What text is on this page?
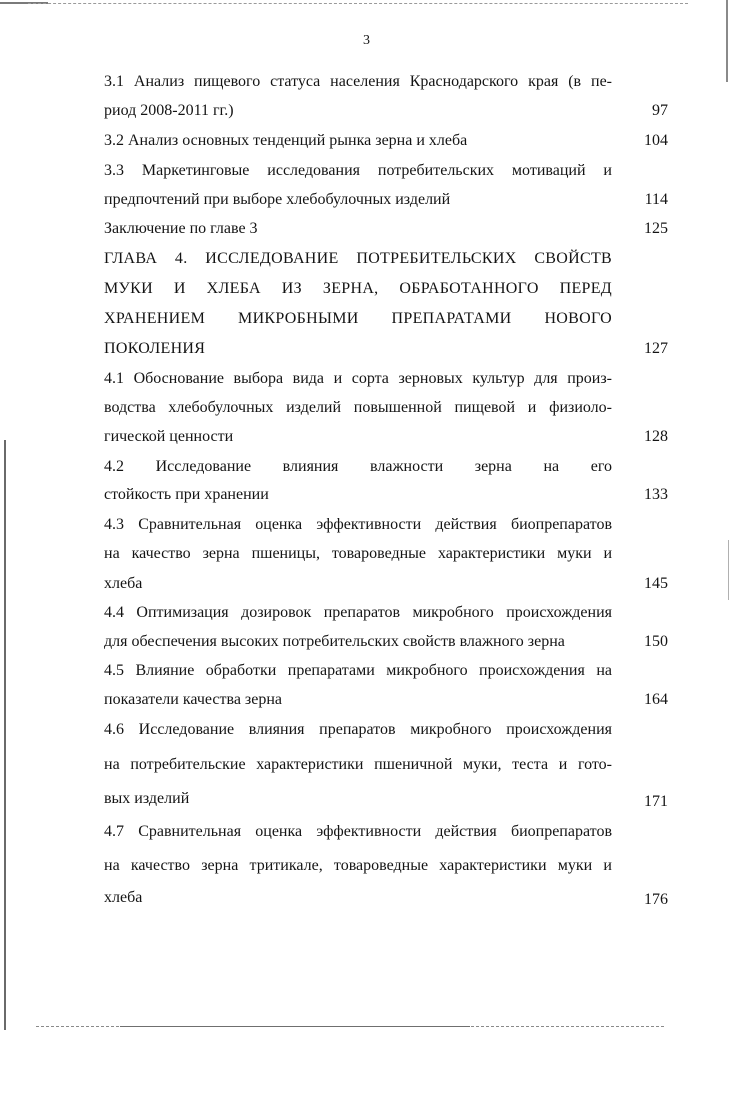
3
3.1 Анализ пищевого статуса населения Краснодарского края (в пе-
риод 2008-2011 гг.)	97
3.2 Анализ основных тенденций рынка зерна и хлеба	104
3.3 Маркетинговые исследования потребительских мотиваций и
предпочтений при выборе хлебобулочных изделий	114
Заключение по главе 3	125
ГЛАВА 4. ИССЛЕДОВАНИЕ ПОТРЕБИТЕЛЬСКИХ СВОЙСТВ
МУКИ И ХЛЕБА ИЗ ЗЕРНА, ОБРАБОТАННОГО ПЕРЕД
ХРАНЕНИЕМ МИКРОБНЫМИ ПРЕПАРАТАМИ НОВОГО
ПОКОЛЕНИЯ	127
4.1 Обоснование выбора вида и сорта зерновых культур для произ-
водства хлебобулочных изделий повышенной пищевой и физиоло-
гической ценности	128
4.2 Исследование влияния влажности зерна на его
стойкость при хранении	133
4.3 Сравнительная оценка эффективности действия биопрепаратов
на качество зерна пшеницы, товароведные характеристики муки и
хлеба	145
4.4 Оптимизация дозировок препаратов микробного происхождения
для обеспечения высоких потребительских свойств влажного зерна	150
4.5 Влияние обработки препаратами микробного происхождения на
показатели качества зерна	164
4.6 Исследование влияния препаратов микробного происхождения
на потребительские характеристики пшеничной муки, теста и гото-
вых изделий	171
4.7 Сравнительная оценка эффективности действия биопрепаратов
на качество зерна тритикале, товароведные характеристики муки и
хлеба	176
